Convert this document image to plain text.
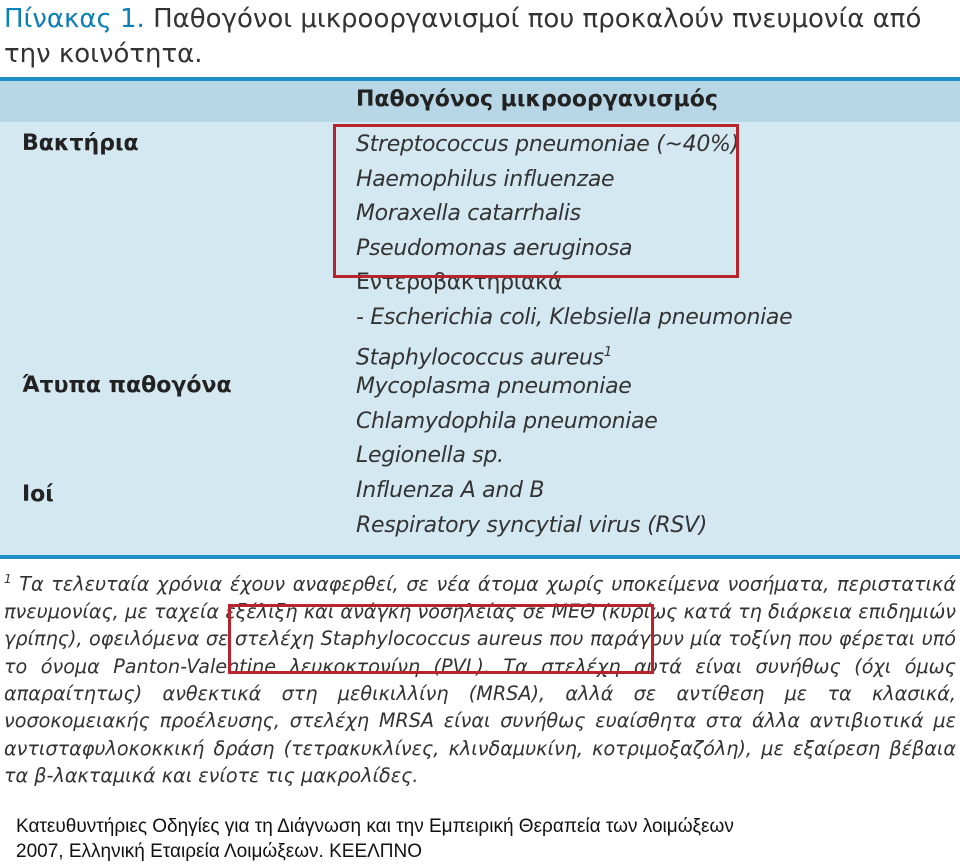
Πίνακας 1. Παθογόνοι μικροοργανισμοί που προκαλούν πνευμονία από την κοινότητα.
Παθογόνος μικροοργανισμός
Βακτήρια
Άτυπα παθογόνα
Ιοί
Streptococcus pneumoniae (~40%)
Haemophilus influenzae
Moraxella catarrhalis
Pseudomonas aeruginosa
Εντεροβακτηριακά
- Escherichia coli, Klebsiella pneumoniae
Staphylococcus aureus$^1$
Mycoplasma pneumoniae
Chlamydophila pneumoniae
Legionella sp.
Influenza A and B
Respiratory syncytial virus (RSV)
$^1$ Τα τελευταία χρόνια έχουν αναφερθεί, σε νέα άτομα χωρίς υποκείμενα νοσήματα, περιστατικά πνευμονίας, με ταχεία εξέλιξη και ανάγκη νοσηλείας σε ΜΕΘ (κυρίως κατά τη διάρκεια επιδημιών γρίπης), οφειλόμενα σε στελέχη Staphylococcus aureus που παράγουν μία τοξίνη που φέρεται υπό το όνομα Panton-Valentine λευκοκτονίνη (PVL). Τα στελέχη αυτά είναι συνήθως (όχι όμως απαραίτητως) ανθεκτικά στη μεθικιλλίνη (MRSA), αλλά σε αντίθεση με τα κλασικά, νοσοκομειακής προέλευσης, στελέχη MRSA είναι συνήθως ευαίσθητα στα άλλα αντιβιοτικά με αντισταφυλοκοκκική δράση (τετρακυκλίνες, κλινδαμυκίνη, κοτριμοξαζόλη), με εξαίρεση βέβαια τα β-λακταμικά και ενίοτε τις μακρολίδες.
Κατευθυντήριες Οδηγίες για τη Διάγνωση και την Εμπειρική Θεραπεία των λοιμώξεων
2007, Ελληνική Εταιρεία Λοιμώξεων. ΚΕΕΛΠΝΟ
